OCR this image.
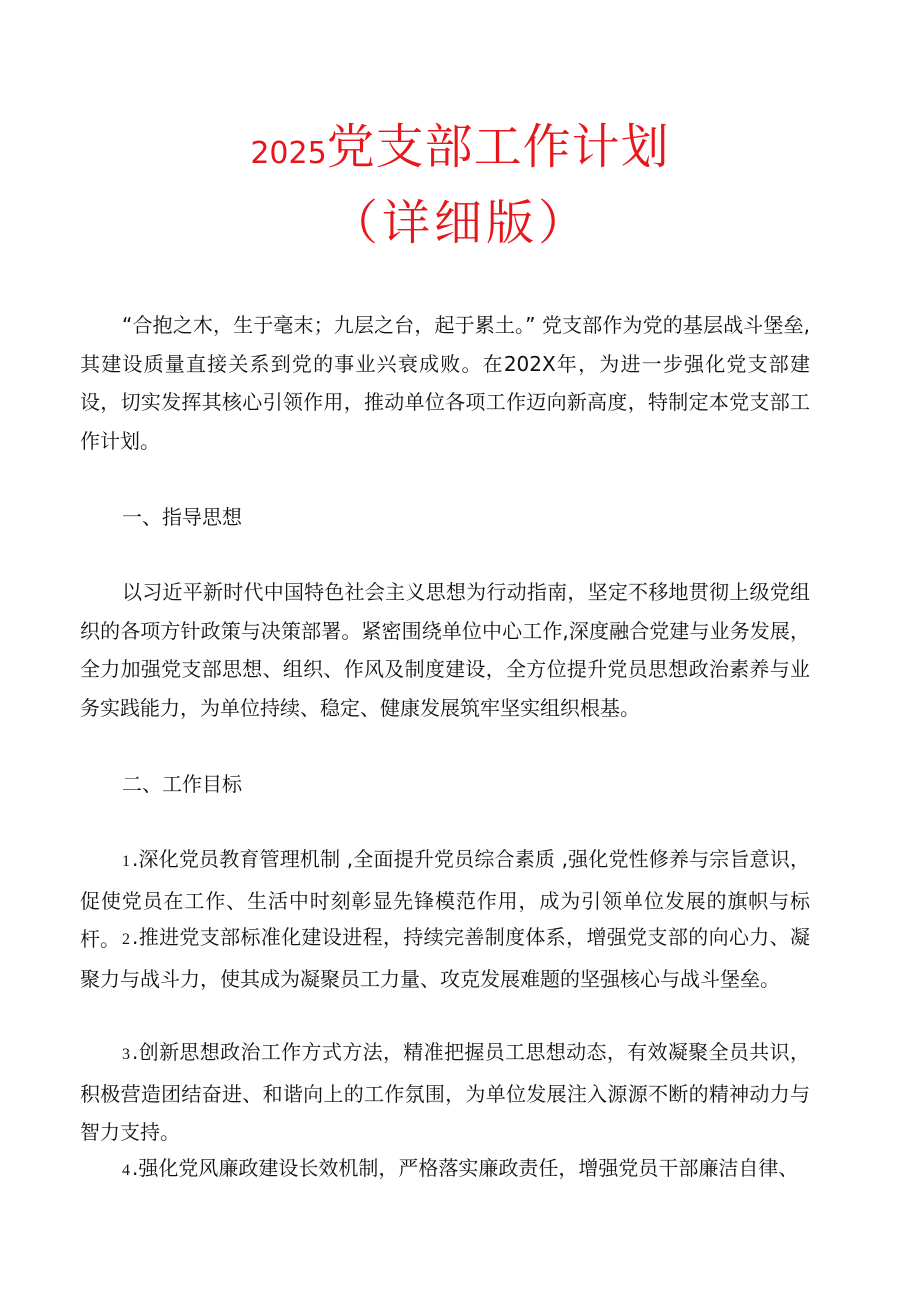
2025党支部工作计划
（详细版）

“合抱之木，生于毫末；九层之台，起于累土。” 党支部作为党的基层战斗堡垒,其建设质量直接关系到党的事业兴衰成败。在202X年，为进一步强化党支部建设，切实发挥其核心引领作用，推动单位各项工作迈向新高度，特制定本党支部工作计划。

一、指导思想

以习近平新时代中国特色社会主义思想为行动指南，坚定不移地贯彻上级党组织的各项方针政策与决策部署。紧密围绕单位中心工作,深度融合党建与业务发展，全力加强党支部思想、组织、作风及制度建设，全方位提升党员思想政治素养与业务实践能力，为单位持续、稳定、健康发展筑牢坚实组织根基。

二、工作目标

1 .深化党员教育管理机制 ,全面提升党员综合素质 ,强化党性修养与宗旨意识，促使党员在工作、生活中时刻彰显先锋模范作用，成为引领单位发展的旗帜与标杆。 2 .推进党支部标准化建设进程，持续完善制度体系，增强党支部的向心力、凝聚力与战斗力，使其成为凝聚员工力量、攻克发展难题的坚强核心与战斗堡垒。

3 .创新思想政治工作方式方法，精准把握员工思想动态，有效凝聚全员共识，积极营造团结奋进、和谐向上的工作氛围，为单位发展注入源源不断的精神动力与智力支持。

4 .强化党风廉政建设长效机制，严格落实廉政责任，增强党员干部廉洁自律、
